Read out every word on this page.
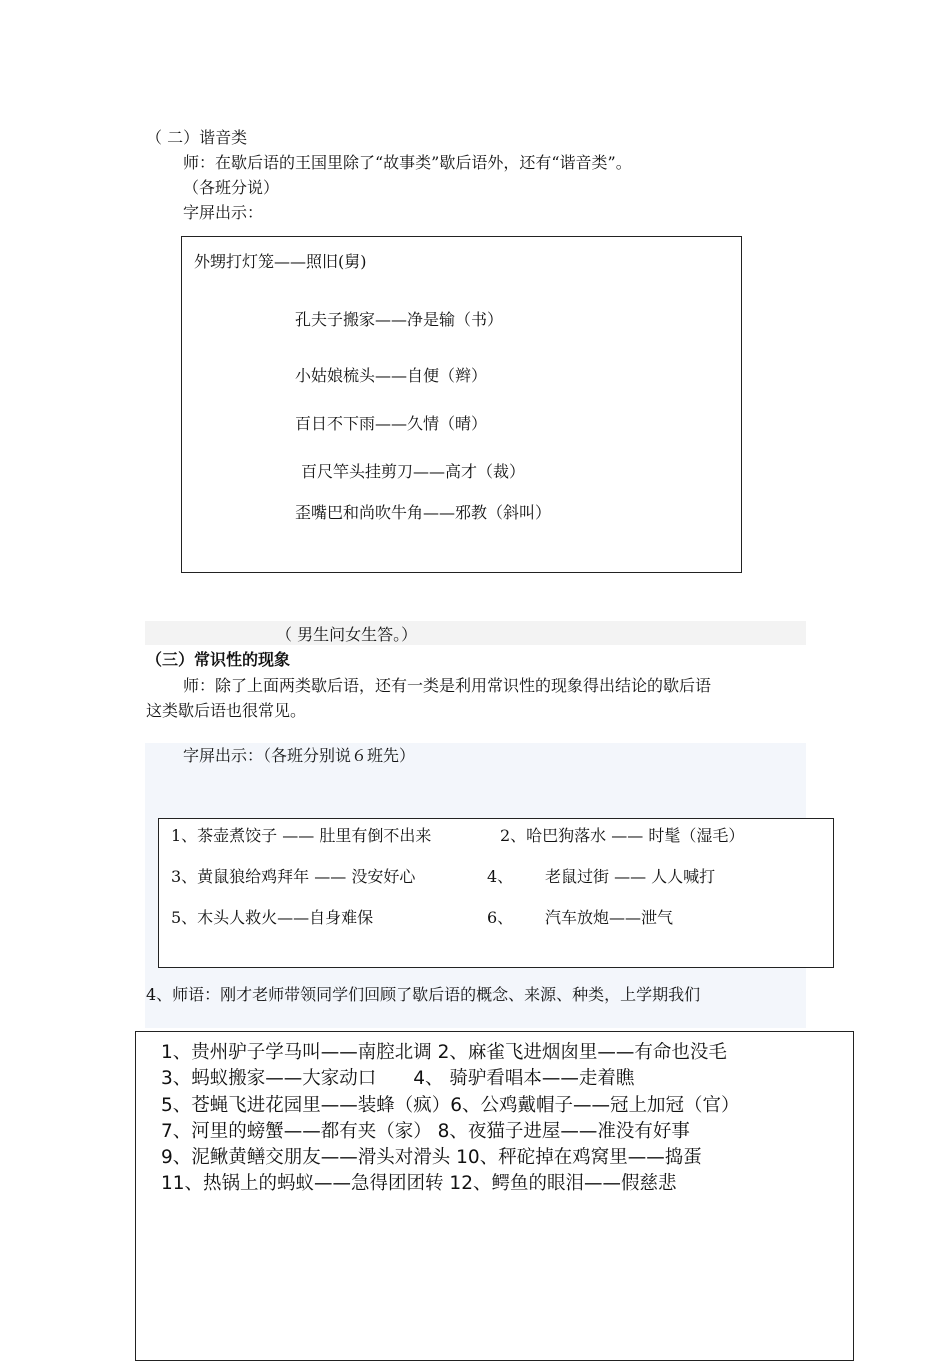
（ 二）谐音类
师：在歇后语的王国里除了“故事类”歇后语外，还有“谐音类”。
（各班分说）
字屏出示：
外甥打灯笼——照旧(舅)
孔夫子搬家——净是输（书）
小姑娘梳头——自便（辫）
百日不下雨——久情（晴）
百尺竿头挂剪刀——高才（裁）
歪嘴巴和尚吹牛角——邪教（斜叫）
（ 男生问女生答。）
（三）常识性的现象
师：除了上面两类歇后语，还有一类是利用常识性的现象得出结论的歇后语
这类歇后语也很常见。
字屏出示：（各班分别说６班先）
1、茶壶煮饺子 —— 肚里有倒不出来	2、哈巴狗落水 —— 时髦（湿毛）
3、黄鼠狼给鸡拜年 —— 没安好心	4、 老鼠过街 —— 人人喊打
5、木头人救火——自身难保	6、 汽车放炮——泄气
4、师语：刚才老师带领同学们回顾了歇后语的概念、来源、种类，上学期我们
1、贵州驴子学马叫——南腔北调 2、麻雀飞进烟囱里——有命也没毛
3、蚂蚁搬家——大家动口　　4、 骑驴看唱本——走着瞧
5、苍蝇飞进花园里——装蜂（疯）6、公鸡戴帽子——冠上加冠（官）
7、河里的螃蟹——都有夹（家） 8、夜猫子进屋——准没有好事
9、泥鳅黄鳝交朋友——滑头对滑头 10、秤砣掉在鸡窝里——捣蛋
11、热锅上的蚂蚁——急得团团转 12、鳄鱼的眼泪——假慈悲
